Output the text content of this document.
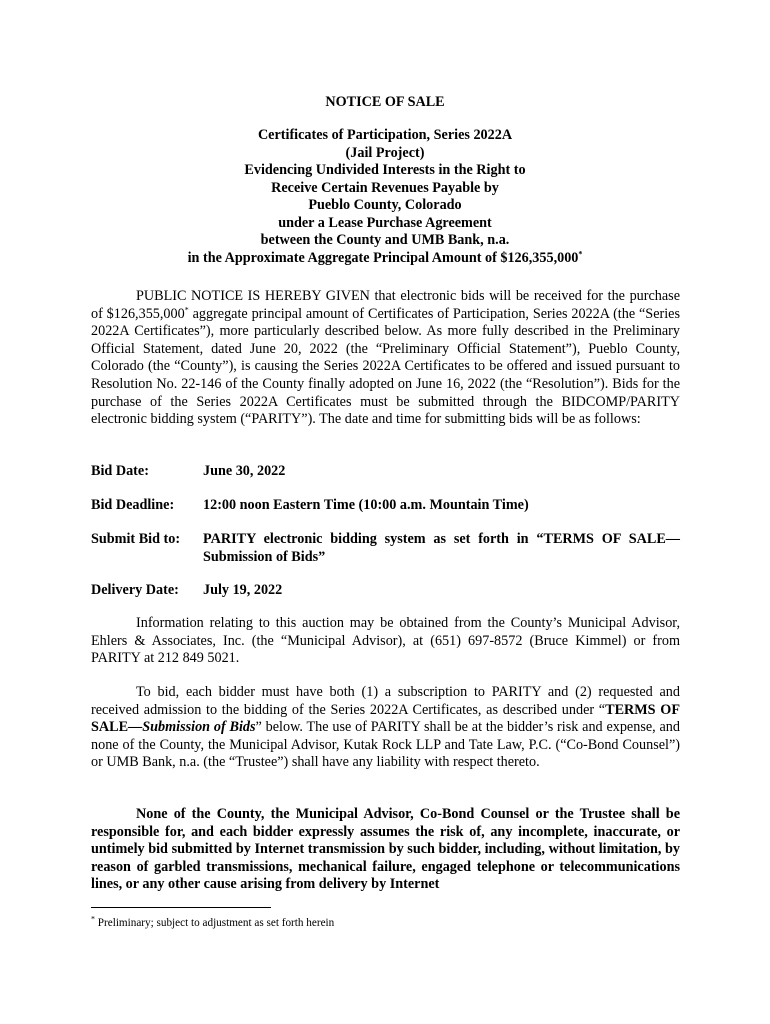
NOTICE OF SALE
Certificates of Participation, Series 2022A
(Jail Project)
Evidencing Undivided Interests in the Right to
Receive Certain Revenues Payable by
Pueblo County, Colorado
under a Lease Purchase Agreement
between the County and UMB Bank, n.a.
in the Approximate Aggregate Principal Amount of $126,355,000*
PUBLIC NOTICE IS HEREBY GIVEN that electronic bids will be received for the purchase of $126,355,000* aggregate principal amount of Certificates of Participation, Series 2022A (the “Series 2022A Certificates”), more particularly described below. As more fully described in the Preliminary Official Statement, dated June 20, 2022 (the “Preliminary Official Statement”), Pueblo County, Colorado (the “County”), is causing the Series 2022A Certificates to be offered and issued pursuant to Resolution No. 22-146 of the County finally adopted on June 16, 2022 (the “Resolution”). Bids for the purchase of the Series 2022A Certificates must be submitted through the BIDCOMP/PARITY electronic bidding system (“PARITY”). The date and time for submitting bids will be as follows:
Bid Date:	June 30, 2022
Bid Deadline: 12:00 noon Eastern Time (10:00 a.m. Mountain Time)
Submit Bid to: PARITY electronic bidding system as set forth in “TERMS OF SALE—Submission of Bids”
Delivery Date: July 19, 2022
Information relating to this auction may be obtained from the County’s Municipal Advisor, Ehlers & Associates, Inc. (the “Municipal Advisor), at (651) 697-8572 (Bruce Kimmel) or from PARITY at 212 849 5021.
To bid, each bidder must have both (1) a subscription to PARITY and (2) requested and received admission to the bidding of the Series 2022A Certificates, as described under “TERMS OF SALE—Submission of Bids” below. The use of PARITY shall be at the bidder’s risk and expense, and none of the County, the Municipal Advisor, Kutak Rock LLP and Tate Law, P.C. (“Co-Bond Counsel”) or UMB Bank, n.a. (the “Trustee”) shall have any liability with respect thereto.
None of the County, the Municipal Advisor, Co-Bond Counsel or the Trustee shall be responsible for, and each bidder expressly assumes the risk of, any incomplete, inaccurate, or untimely bid submitted by Internet transmission by such bidder, including, without limitation, by reason of garbled transmissions, mechanical failure, engaged telephone or telecommunications lines, or any other cause arising from delivery by Internet
* Preliminary; subject to adjustment as set forth herein
